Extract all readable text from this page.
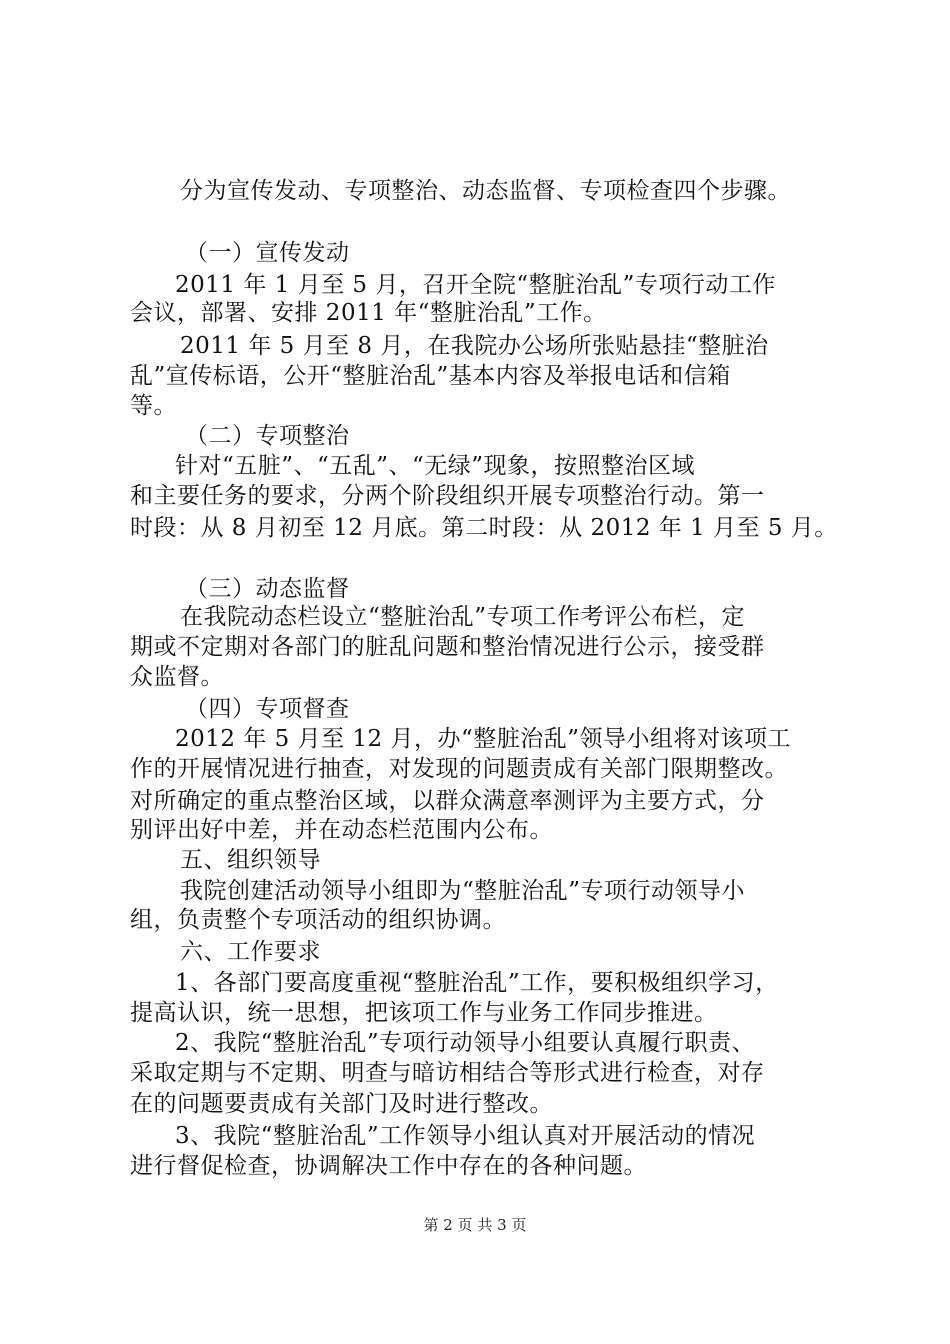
分为宣传发动、专项整治、动态监督、专项检查四个步骤。
（一）宣传发动
2011 年 1 月至 5 月，召开全院“整脏治乱”专项行动工作
会议，部署、安排 2011 年“整脏治乱”工作。
2011 年 5 月至 8 月，在我院办公场所张贴悬挂“整脏治
乱”宣传标语，公开“整脏治乱”基本内容及举报电话和信箱
等。
（二）专项整治
针对“五脏”、“五乱”、“无绿”现象，按照整治区域
和主要任务的要求，分两个阶段组织开展专项整治行动。第一
时段：从 8 月初至 12 月底。第二时段：从 2012 年 1 月至 5 月。
（三）动态监督
在我院动态栏设立“整脏治乱”专项工作考评公布栏，定
期或不定期对各部门的脏乱问题和整治情况进行公示，接受群
众监督。
（四）专项督查
2012 年 5 月至 12 月，办“整脏治乱”领导小组将对该项工
作的开展情况进行抽查，对发现的问题责成有关部门限期整改。
对所确定的重点整治区域，以群众满意率测评为主要方式，分
别评出好中差，并在动态栏范围内公布。
五、组织领导
我院创建活动领导小组即为“整脏治乱”专项行动领导小
组，负责整个专项活动的组织协调。
六、工作要求
1、各部门要高度重视“整脏治乱”工作，要积极组织学习，
提高认识，统一思想，把该项工作与业务工作同步推进。
2、我院“整脏治乱”专项行动领导小组要认真履行职责、
采取定期与不定期、明查与暗访相结合等形式进行检查，对存
在的问题要责成有关部门及时进行整改。
3、我院“整脏治乱”工作领导小组认真对开展活动的情况
进行督促检查，协调解决工作中存在的各种问题。
第 2 页 共 3 页
